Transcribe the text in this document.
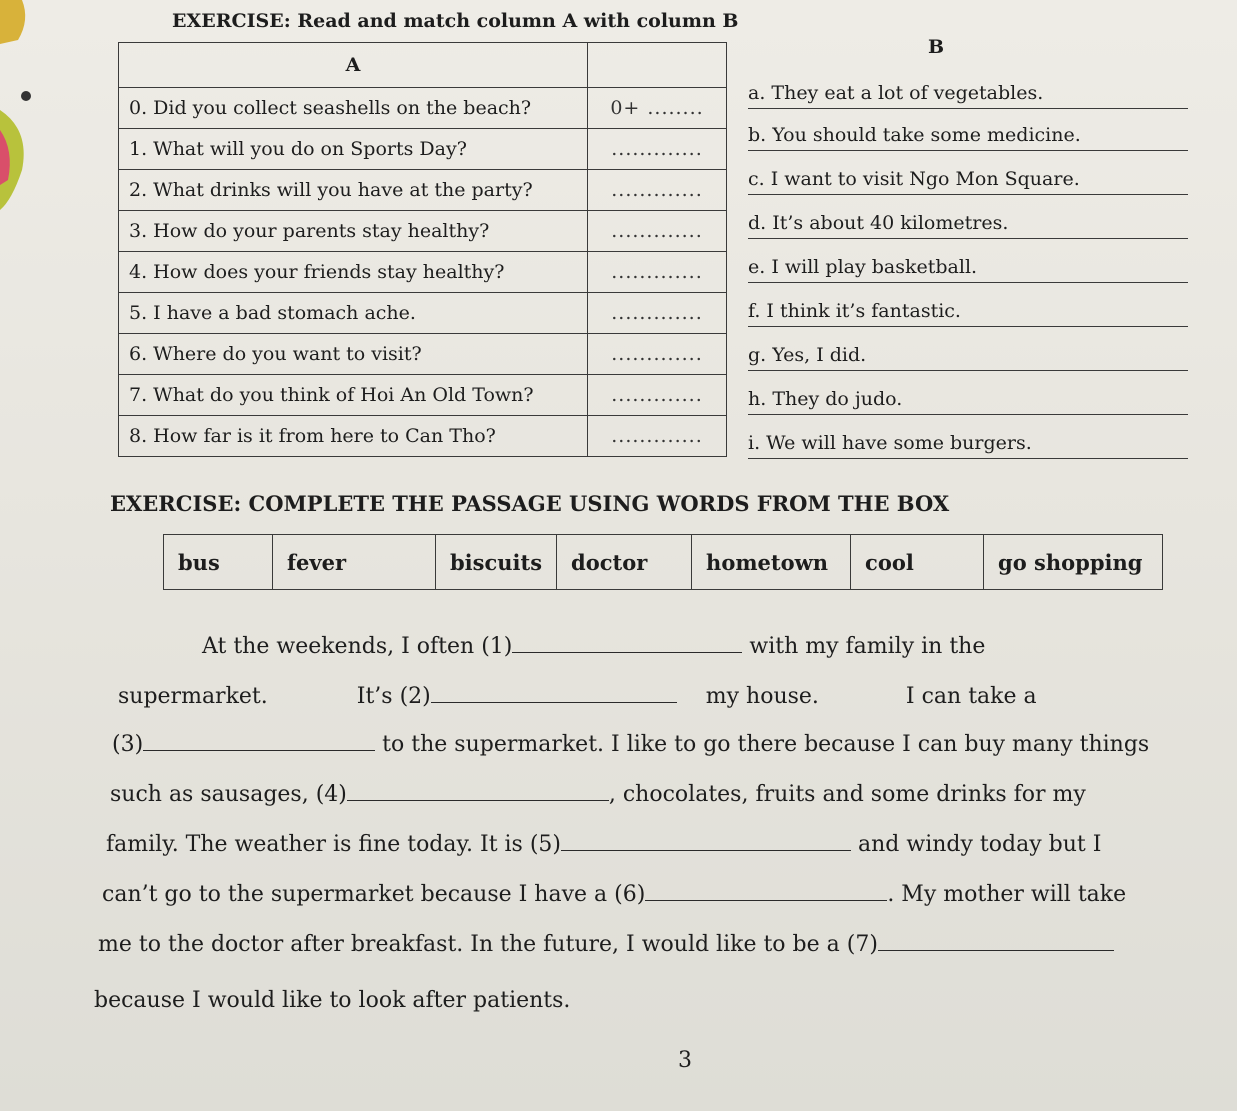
EXERCISE: Read and match column A with column B
A	
0. Did you collect seashells on the beach?	0+ ........
1. What will you do on Sports Day?	.............
2. What drinks will you have at the party?	.............
3. How do your parents stay healthy?	.............
4. How does your friends stay healthy?	.............
5. I have a bad stomach ache.	.............
6. Where do you want to visit?	.............
7. What do you think of Hoi An Old Town?	.............
8. How far is it from here to Can Tho?	.............
B
a. They eat a lot of vegetables.
b. You should take some medicine.
c. I want to visit Ngo Mon Square.
d. It’s about 40 kilometres.
e. I will play basketball.
f. I think it’s fantastic.
g. Yes, I did.
h. They do judo.
i. We will have some burgers.
EXERCISE: COMPLETE THE PASSAGE USING WORDS FROM THE BOX
bus	fever	biscuits	doctor	hometown	cool	go shopping
At the weekends, I often (1)	with my family in the
supermarket.	It’s (2)	my house.	I can take a
(3)	to the supermarket. I like to go there because I can buy many things
such as sausages, (4)	, chocolates, fruits and some drinks for my
family. The weather is fine today. It is (5)	and windy today but I
can’t go to the supermarket because I have a (6)	. My mother will take
me to the doctor after breakfast. In the future, I would like to be a (7)
because I would like to look after patients.
3
